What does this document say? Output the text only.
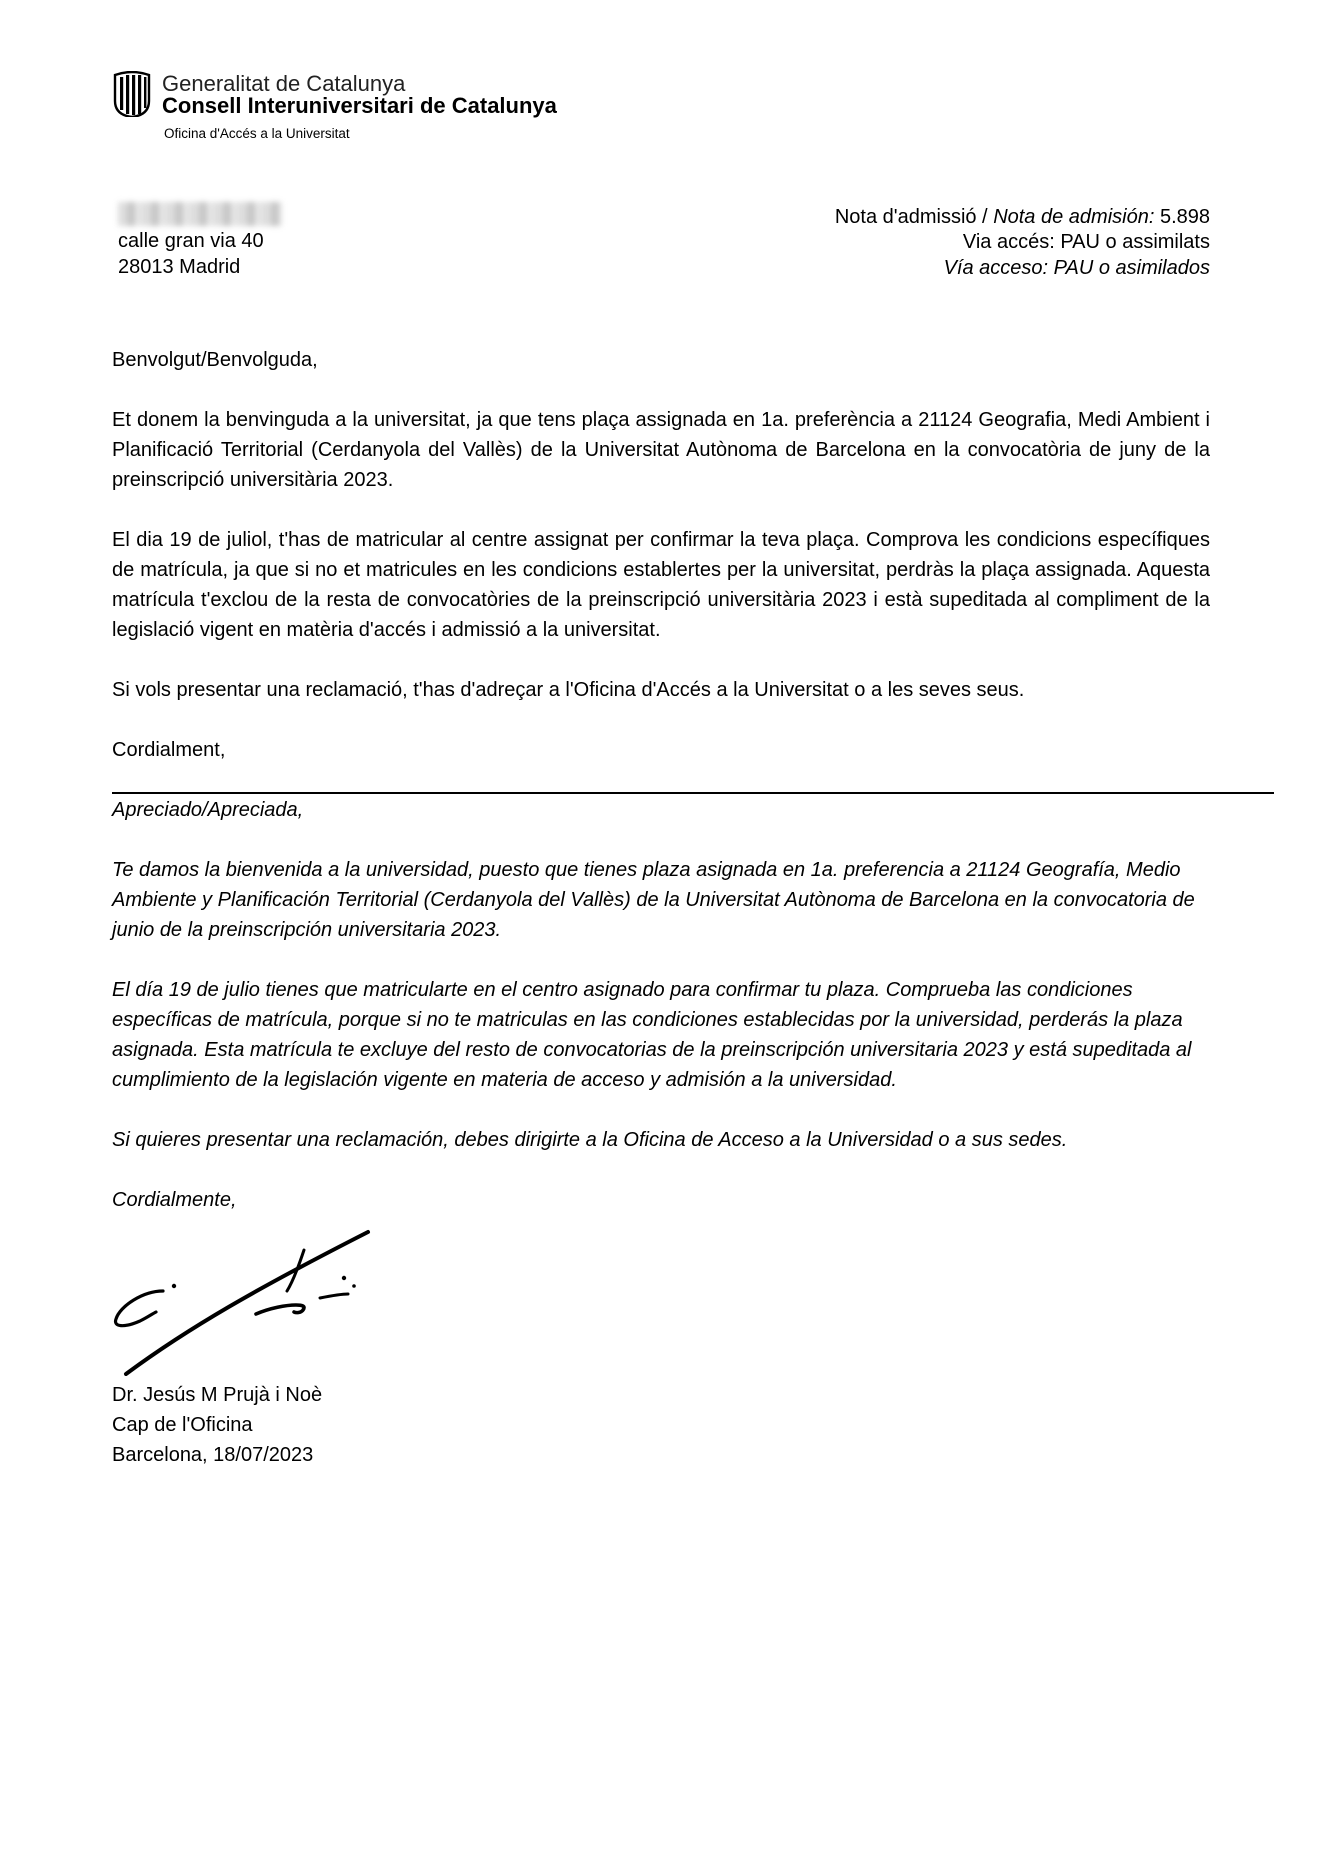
Generalitat de Catalunya
Consell Interuniversitari de Catalunya
Oficina d'Accés a la Universitat
calle gran via 40
28013 Madrid
Nota d'admissió / Nota de admisión: 5.898
Via accés: PAU o assimilats
Vía acceso: PAU o asimilados
Benvolgut/Benvolguda,
Et donem la benvinguda a la universitat, ja que tens plaça assignada en 1a. preferència a 21124 Geografia, Medi Ambient i Planificació Territorial (Cerdanyola del Vallès) de la Universitat Autònoma de Barcelona en la convocatòria de juny de la preinscripció universitària 2023.
El dia 19 de juliol, t'has de matricular al centre assignat per confirmar la teva plaça. Comprova les condicions específiques de matrícula, ja que si no et matricules en les condicions establertes per la universitat, perdràs la plaça assignada. Aquesta matrícula t'exclou de la resta de convocatòries de la preinscripció universitària 2023 i està supeditada al compliment de la legislació vigent en matèria d'accés i admissió a la universitat.
Si vols presentar una reclamació, t'has d'adreçar a l'Oficina d'Accés a la Universitat o a les seves seus.
Cordialment,
Apreciado/Apreciada,
Te damos la bienvenida a la universidad, puesto que tienes plaza asignada en 1a. preferencia a 21124 Geografía, Medio Ambiente y Planificación Territorial (Cerdanyola del Vallès) de la Universitat Autònoma de Barcelona en la convocatoria de junio de la preinscripción universitaria 2023.
El día 19 de julio tienes que matricularte en el centro asignado para confirmar tu plaza. Comprueba las condiciones específicas de matrícula, porque si no te matriculas en las condiciones establecidas por la universidad, perderás la plaza asignada. Esta matrícula te excluye del resto de convocatorias de la preinscripción universitaria 2023 y está supeditada al cumplimiento de la legislación vigente en materia de acceso y admisión a la universidad.
Si quieres presentar una reclamación, debes dirigirte a la Oficina de Acceso a la Universidad o a sus sedes.
Cordialmente,
Dr. Jesús M Prujà i Noè
Cap de l'Oficina
Barcelona, 18/07/2023
